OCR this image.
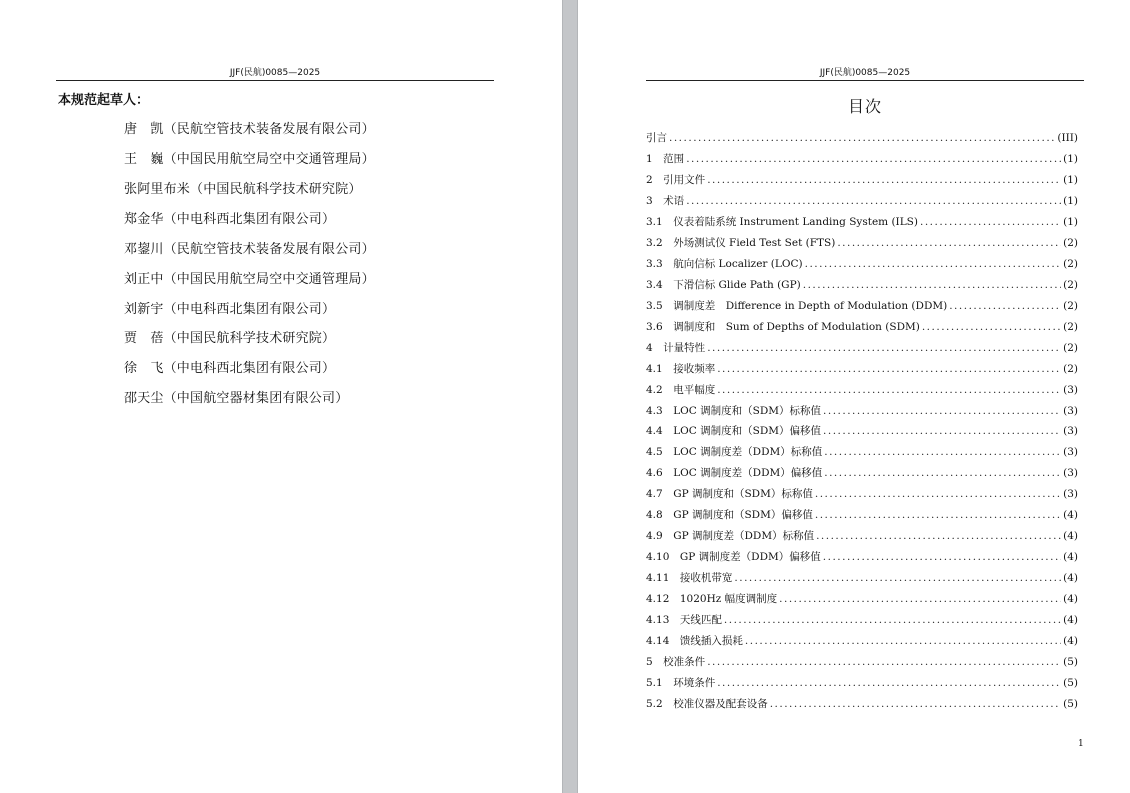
JJF(民航)0085—2025
本规范起草人：
唐　凯（民航空管技术装备发展有限公司）
王　巍（中国民用航空局空中交通管理局）
张阿里布米（中国民航科学技术研究院）
郑金华（中电科西北集团有限公司）
邓鋆川（民航空管技术装备发展有限公司）
刘正中（中国民用航空局空中交通管理局）
刘新宇（中电科西北集团有限公司）
贾　蓓（中国民航科学技术研究院）
徐　飞（中电科西北集团有限公司）
邵天尘（中国航空器材集团有限公司）
JJF(民航)0085—2025
目次
引言 .....	(III)
1　范围 .....	(1)
2　引用文件 .....	(1)
3　术语 .....	(1)
3.1　仪表着陆系统 Instrument Landing System (ILS) .....	(1)
3.2　外场测试仪 Field Test Set (FTS) .....	(2)
3.3　航向信标 Localizer (LOC) .....	(2)
3.4　下滑信标 Glide Path (GP) .....	(2)
3.5　调制度差　Difference in Depth of Modulation (DDM) .....	(2)
3.6　调制度和　Sum of Depths of Modulation (SDM) .....	(2)
4　计量特性 .....	(2)
4.1　接收频率 .....	(2)
4.2　电平幅度 .....	(3)
4.3　LOC 调制度和（SDM）标称值 .....	(3)
4.4　LOC 调制度和（SDM）偏移值 .....	(3)
4.5　LOC 调制度差（DDM）标称值 .....	(3)
4.6　LOC 调制度差（DDM）偏移值 .....	(3)
4.7　GP 调制度和（SDM）标称值 .....	(3)
4.8　GP 调制度和（SDM）偏移值 .....	(4)
4.9　GP 调制度差（DDM）标称值 .....	(4)
4.10　GP 调制度差（DDM）偏移值 .....	(4)
4.11　接收机带宽 .....	(4)
4.12　1020Hz 幅度调制度 .....	(4)
4.13　天线匹配 .....	(4)
4.14　馈线插入损耗 .....	(4)
5　校准条件 .....	(5)
5.1　环境条件 .....	(5)
5.2　校准仪器及配套设备 .....	(5)
1
